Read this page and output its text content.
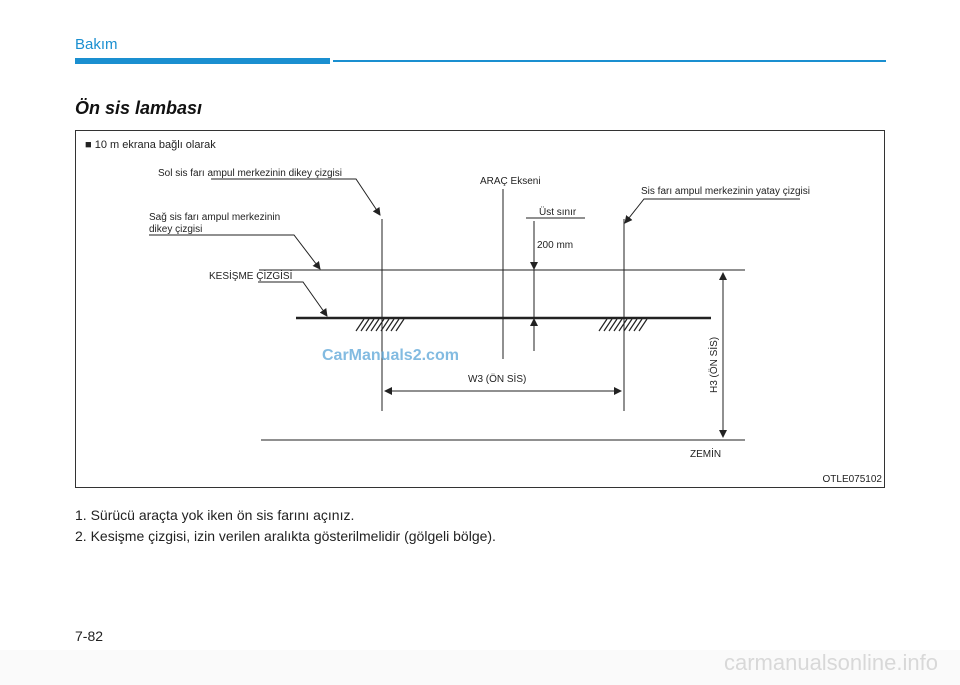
Bakım
Ön sis lambası
■ 10 m ekrana bağlı olarak
Sol sis farı ampul merkezinin dikey çizgisi
Sağ sis farı ampul merkezinin
dikey çizgisi
KESİŞME ÇİZGİSİ
ARAÇ Ekseni
Üst sınır
200 mm
Sis farı ampul merkezinin yatay çizgisi
W3 (ÖN SİS)	H3 (ÖN SİS)
ZEMİN
CarManuals2.com
OTLE075102
1. Sürücü araçta yok iken ön sis farını açınız.
2. Kesişme çizgisi, izin verilen aralıkta gösterilmelidir (gölgeli bölge).
7-82
carmanualsonline.info
